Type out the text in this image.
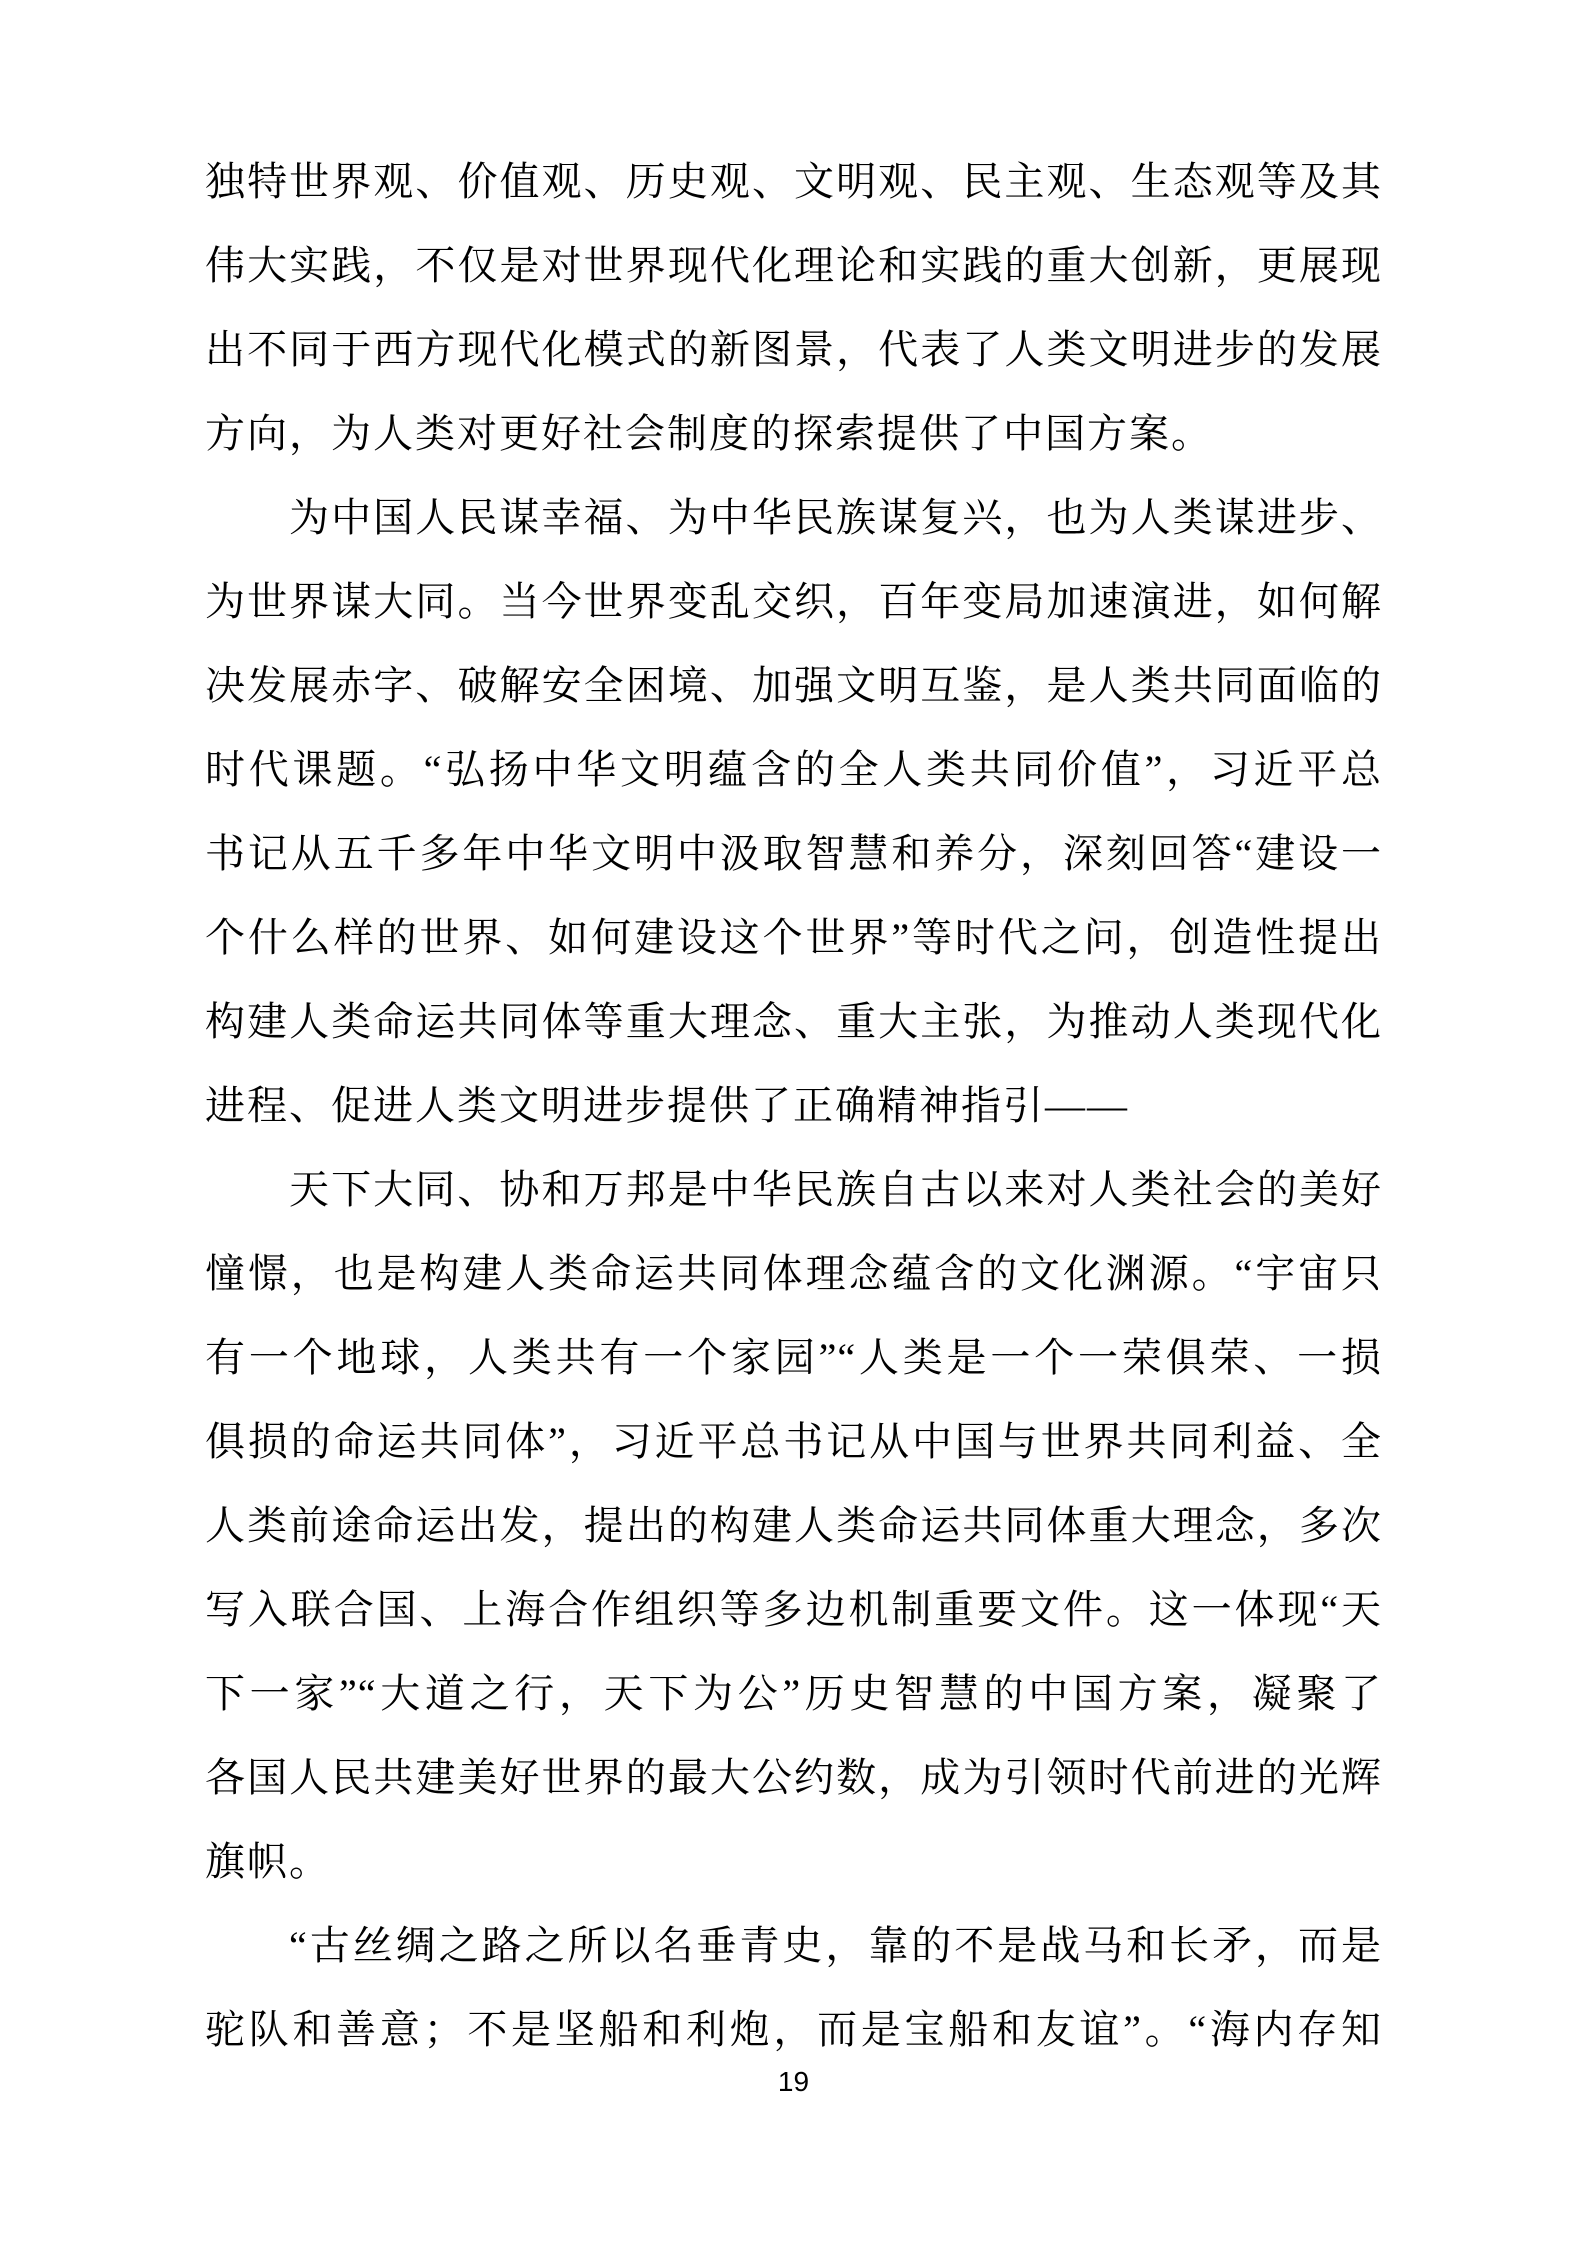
独特世界观、价值观、历史观、文明观、民主观、生态观等及其
伟大实践，不仅是对世界现代化理论和实践的重大创新，更展现
出不同于西方现代化模式的新图景，代表了人类文明进步的发展
方向，为人类对更好社会制度的探索提供了中国方案。
为中国人民谋幸福、为中华民族谋复兴，也为人类谋进步、
为世界谋大同。当今世界变乱交织，百年变局加速演进，如何解
决发展赤字、破解安全困境、加强文明互鉴，是人类共同面临的
时代课题。“弘扬中华文明蕴含的全人类共同价值”，习近平总
书记从五千多年中华文明中汲取智慧和养分，深刻回答“建设一
个什么样的世界、如何建设这个世界”等时代之问，创造性提出
构建人类命运共同体等重大理念、重大主张，为推动人类现代化
进程、促进人类文明进步提供了正确精神指引——
天下大同、协和万邦是中华民族自古以来对人类社会的美好
憧憬，也是构建人类命运共同体理念蕴含的文化渊源。“宇宙只
有一个地球，人类共有一个家园”“人类是一个一荣俱荣、一损
俱损的命运共同体”，习近平总书记从中国与世界共同利益、全
人类前途命运出发，提出的构建人类命运共同体重大理念，多次
写入联合国、上海合作组织等多边机制重要文件。这一体现“天
下一家”“大道之行，天下为公”历史智慧的中国方案，凝聚了
各国人民共建美好世界的最大公约数，成为引领时代前进的光辉
旗帜。
“古丝绸之路之所以名垂青史，靠的不是战马和长矛，而是
驼队和善意；不是坚船和利炮，而是宝船和友谊”。“海内存知
19
